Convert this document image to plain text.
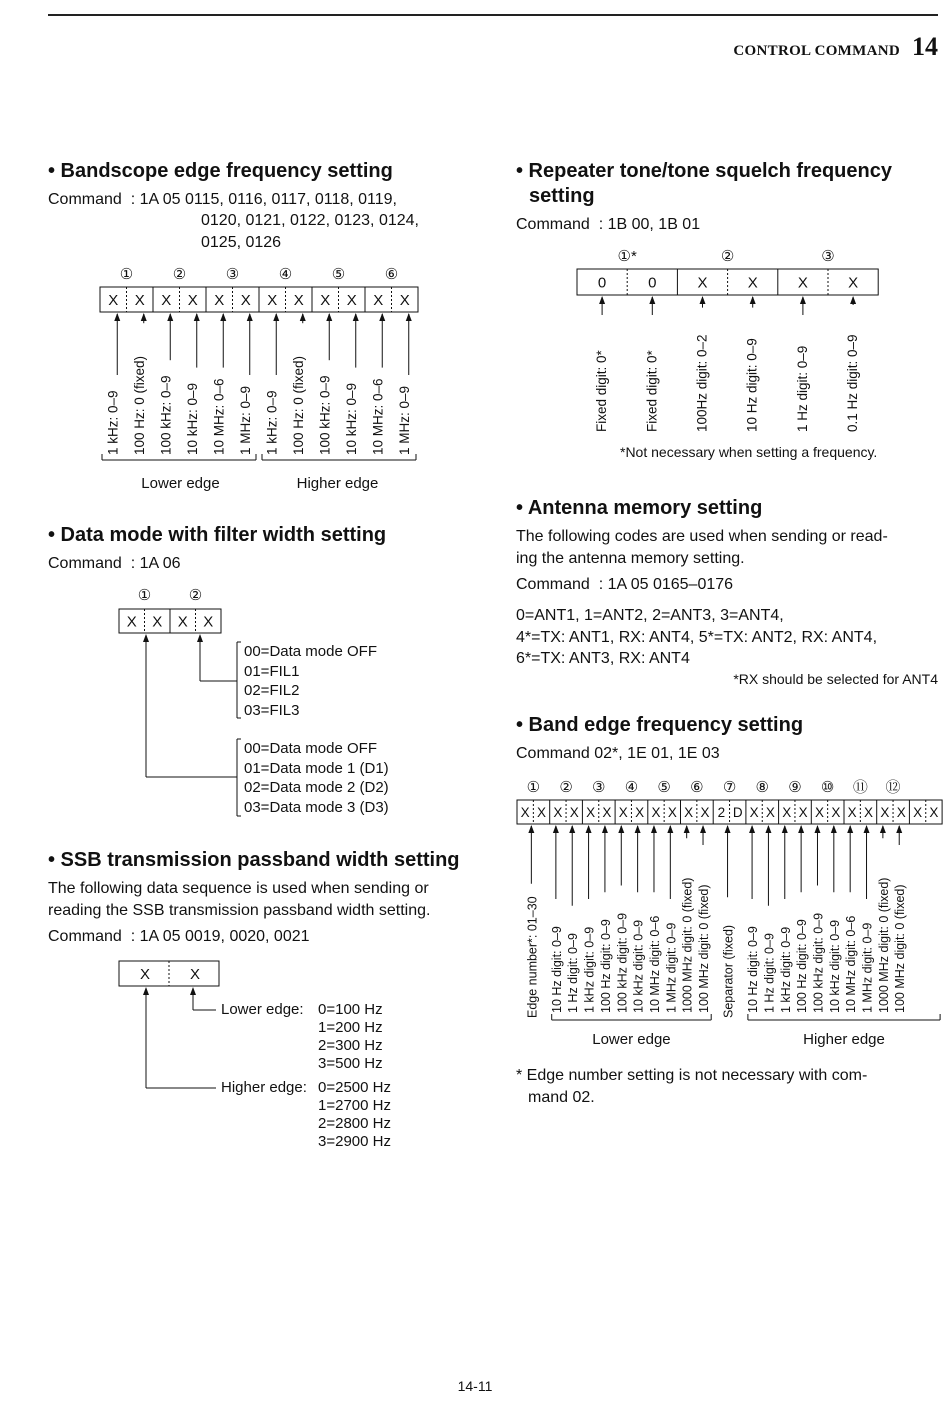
CONTROL COMMAND 14
• Bandscope edge frequency setting
Command  : 1A 05 0115, 0116, 0117, 0118, 0119,
0120, 0121, 0122, 0123, 0124,
0125, 0126
X X X X X X X X X X X X
①	②	③	④	⑤	⑥
1 kHz: 0–9 100 Hz: 0 (fixed) 100 kHz: 0–9 10 kHz: 0–9 10 MHz: 0–6 1 MHz: 0–9 1 kHz: 0–9 100 Hz: 0 (fixed) 100 kHz: 0–9 10 kHz: 0–9 10 MHz: 0–6 1 MHz: 0–9
Lower edge	Higher edge
• Data mode with filter width setting
Command  : 1A 06
X X X X
①	②
00=Data mode OFF
01=FIL1
02=FIL2
03=FIL3
00=Data mode OFF
01=Data mode 1 (D1)
02=Data mode 2 (D2)
03=Data mode 3 (D3)
• SSB transmission passband width setting
The following data sequence is used when sending or
reading the SSB transmission passband width setting.
Command  : 1A 05 0019, 0020, 0021
X	X
Lower edge: 0=100 Hz
1=200 Hz
2=300 Hz
3=500 Hz
Higher edge: 0=2500 Hz
1=2700 Hz
2=2800 Hz
3=2900 Hz
• Repeater tone/tone squelch frequency
setting
Command  : 1B 00, 1B 01
0	0	X	X	X	X
①*	②	③
Fixed digit: 0*	Fixed digit: 0*	100Hz digit: 0–2	10 Hz digit: 0–9	1 Hz digit: 0–9	0.1 Hz digit: 0–9
*Not necessary when setting a frequency.
• Antenna memory setting
The following codes are used when sending or read-
ing the antenna memory setting.
Command  : 1A 05 0165–0176
0=ANT1, 1=ANT2, 2=ANT3, 3=ANT4,
4*=TX: ANT1, RX: ANT4, 5*=TX: ANT2, RX: ANT4,
6*=TX: ANT3, RX: ANT4
*RX should be selected for ANT4
• Band edge frequency setting
Command 02*, 1E 01, 1E 03
X X X X X X X X X X X X 2 D X X X X X X X X X X X X
① ② ③ ④ ⑤ ⑥ ⑦ ⑧ ⑨ ⑩ ⑪ ⑫
Edge number*: 01–30 10 Hz digit: 0–9 1 Hz digit: 0–9 1 kHz digit: 0–9 100 Hz digit: 0–9 100 kHz digit: 0–9 10 kHz digit: 0–9 10 MHz digit: 0–6 1 MHz digit: 0–9 1000 MHz digit: 0 (fixed) 100 MHz digit: 0 (fixed) Separator (fixed) 10 Hz digit: 0–9 1 Hz digit: 0–9 1 kHz digit: 0–9 100 Hz digit: 0–9 100 kHz digit: 0–9 10 kHz digit: 0–9 10 MHz digit: 0–6 1 MHz digit: 0–9 1000 MHz digit: 0 (fixed) 100 MHz digit: 0 (fixed)
Lower edge	Higher edge
* Edge number setting is not necessary with com-
mand 02.
14-11
